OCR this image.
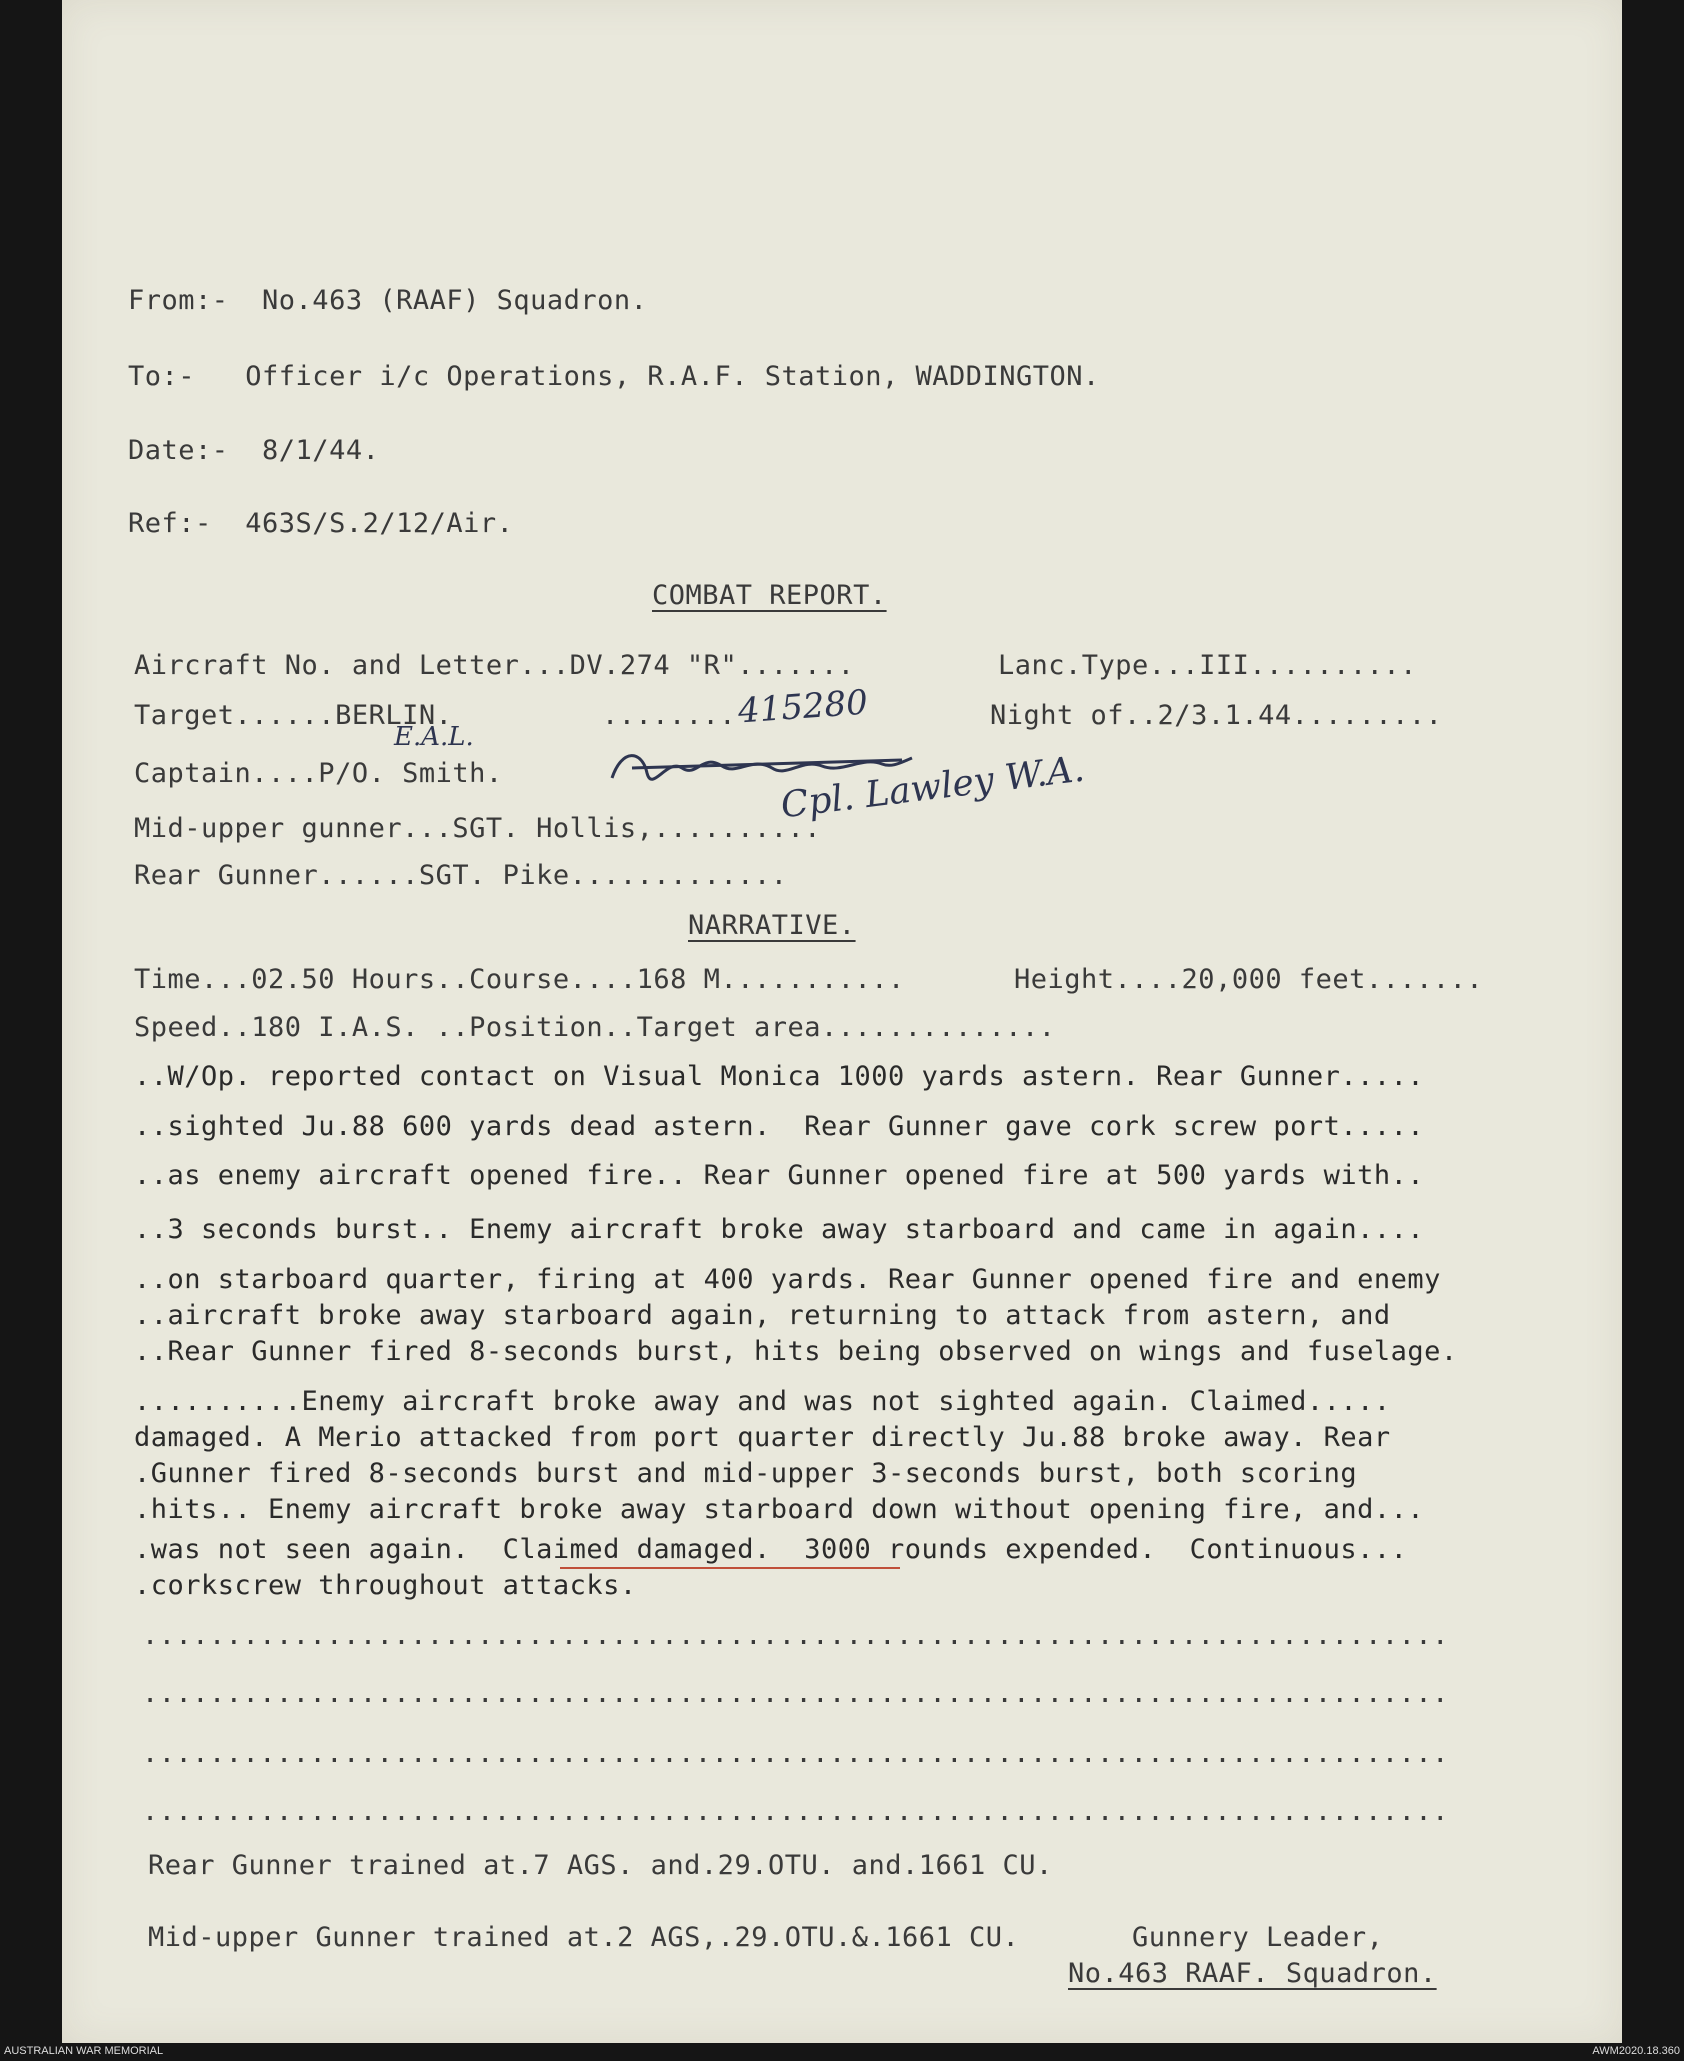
From:-  No.463 (RAAF) Squadron.
To:-   Officer i/c Operations, R.A.F. Station, WADDINGTON.
Date:-  8/1/44.
Ref:-  463S/S.2/12/Air.
COMBAT REPORT.
Aircraft No. and Letter...DV.274 "R".......	Lanc.Type...III..........
Target......BERLIN.	........	Night of..2/3.1.44.........
Captain....P/O. Smith.
Mid-upper gunner...SGT. Hollis,..........
Rear Gunner......SGT. Pike.............
E.A.L.
415280
Cpl. Lawley W.A.
NARRATIVE.
Time...02.50 Hours..Course....168 M...........	Height....20,000 feet.......
Speed..180 I.A.S. ..Position..Target area..............
..W/Op. reported contact on Visual Monica 1000 yards astern. Rear Gunner.....
..sighted Ju.88 600 yards dead astern.  Rear Gunner gave cork screw port.....
..as enemy aircraft opened fire.. Rear Gunner opened fire at 500 yards with..
..3 seconds burst.. Enemy aircraft broke away starboard and came in again....
..on starboard quarter, firing at 400 yards. Rear Gunner opened fire and enemy
..aircraft broke away starboard again, returning to attack from astern, and
..Rear Gunner fired 8-seconds burst, hits being observed on wings and fuselage.
..........Enemy aircraft broke away and was not sighted again. Claimed.....
damaged. A Merio attacked from port quarter directly Ju.88 broke away. Rear
.Gunner fired 8-seconds burst and mid-upper 3-seconds burst, both scoring
.hits.. Enemy aircraft broke away starboard down without opening fire, and...
.was not seen again.  Claimed damaged.  3000 rounds expended.  Continuous...
.corkscrew throughout attacks.
..............................................................................
..............................................................................
..............................................................................
..............................................................................
Rear Gunner trained at.7 AGS. and.29.OTU. and.1661 CU.
Mid-upper Gunner trained at.2 AGS,.29.OTU.&.1661 CU.	Gunnery Leader,
No.463 RAAF. Squadron.
AUSTRALIAN WAR MEMORIAL	AWM2020.18.360
